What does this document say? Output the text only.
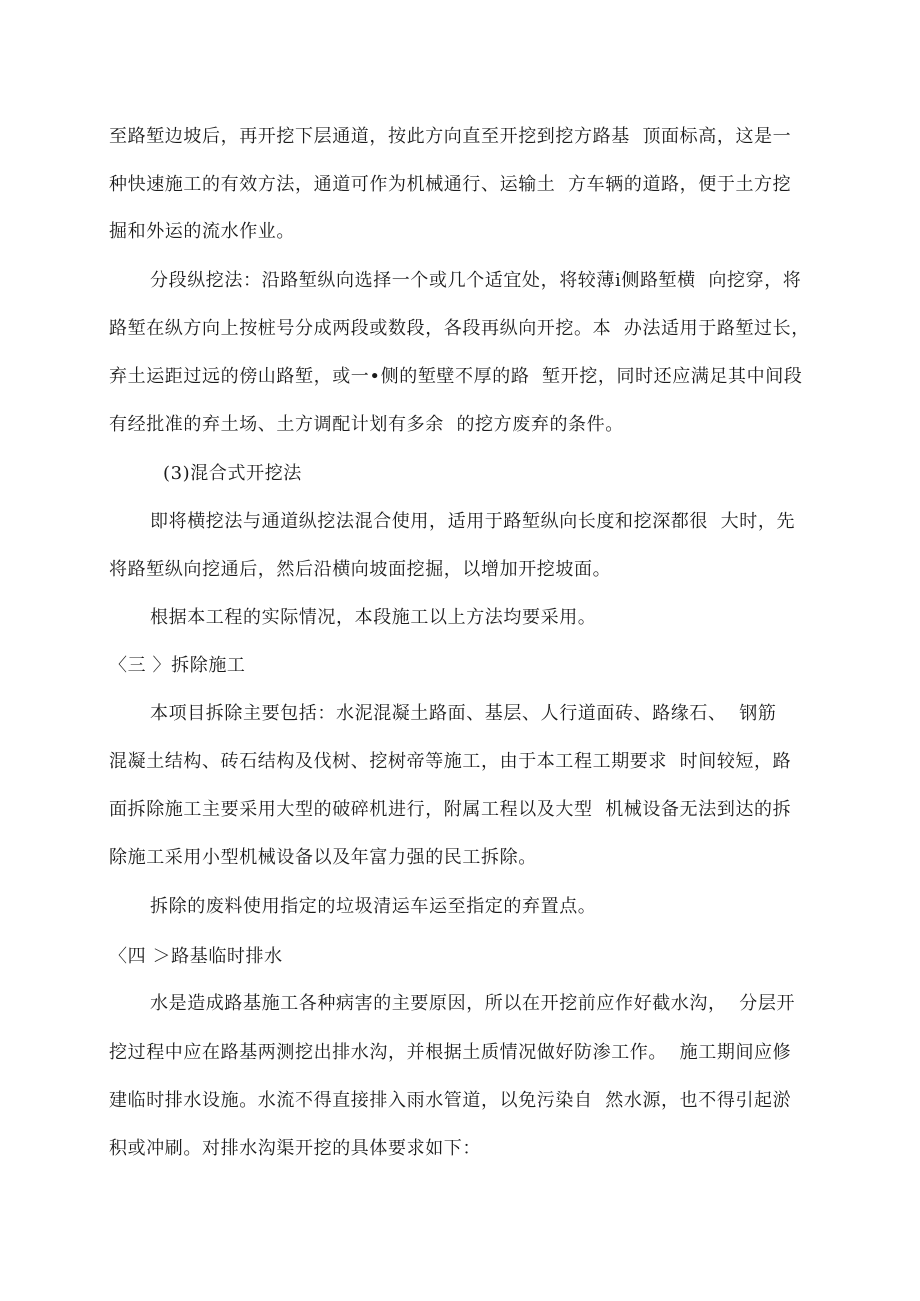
至路堑边坡后，再开挖下层通道，按此方向直至开挖到挖方路基  顶面标高，这是一
种快速施工的有效方法，通道可作为机械通行、运输土  方车辆的道路，便于土方挖
掘和外运的流水作业。
分段纵挖法：沿路堑纵向选择一个或几个适宜处，将较薄i侧路堑横  向挖穿，将
路堑在纵方向上按桩号分成两段或数段，各段再纵向开挖。本  办法适用于路堑过长，
弃土运距过远的傍山路堑，或一•侧的堑壁不厚的路  堑开挖，同时还应满足其中间段
有经批准的弃土场、土方调配计划有多余  的挖方废弃的条件。
(3)混合式开挖法
即将横挖法与通道纵挖法混合使用，适用于路堑纵向长度和挖深都很  大时，先
将路堑纵向挖通后，然后沿横向坡面挖掘，以增加开挖坡面。
根据本工程的实际情况，本段施工以上方法均要采用。
〈三 〉拆除施工
本项目拆除主要包括：水泥混凝土路面、基层、人行道面砖、路缘石、  钢筋
混凝土结构、砖石结构及伐树、挖树帝等施工，由于本工程工期要求  时间较短，路
面拆除施工主要采用大型的破碎机进行，附属工程以及大型  机械设备无法到达的拆
除施工采用小型机械设备以及年富力强的民工拆除。
拆除的废料使用指定的垃圾清运车运至指定的弃置点。
〈四 ＞路基临时排水
水是造成路基施工各种病害的主要原因，所以在开挖前应作好截水沟，  分层开
挖过程中应在路基两测挖出排水沟，并根据土质情况做好防渗工作。  施工期间应修
建临时排水设施。水流不得直接排入雨水管道，以免污染自  然水源，也不得引起淤
积或冲刷。对排水沟渠开挖的具体要求如下：
